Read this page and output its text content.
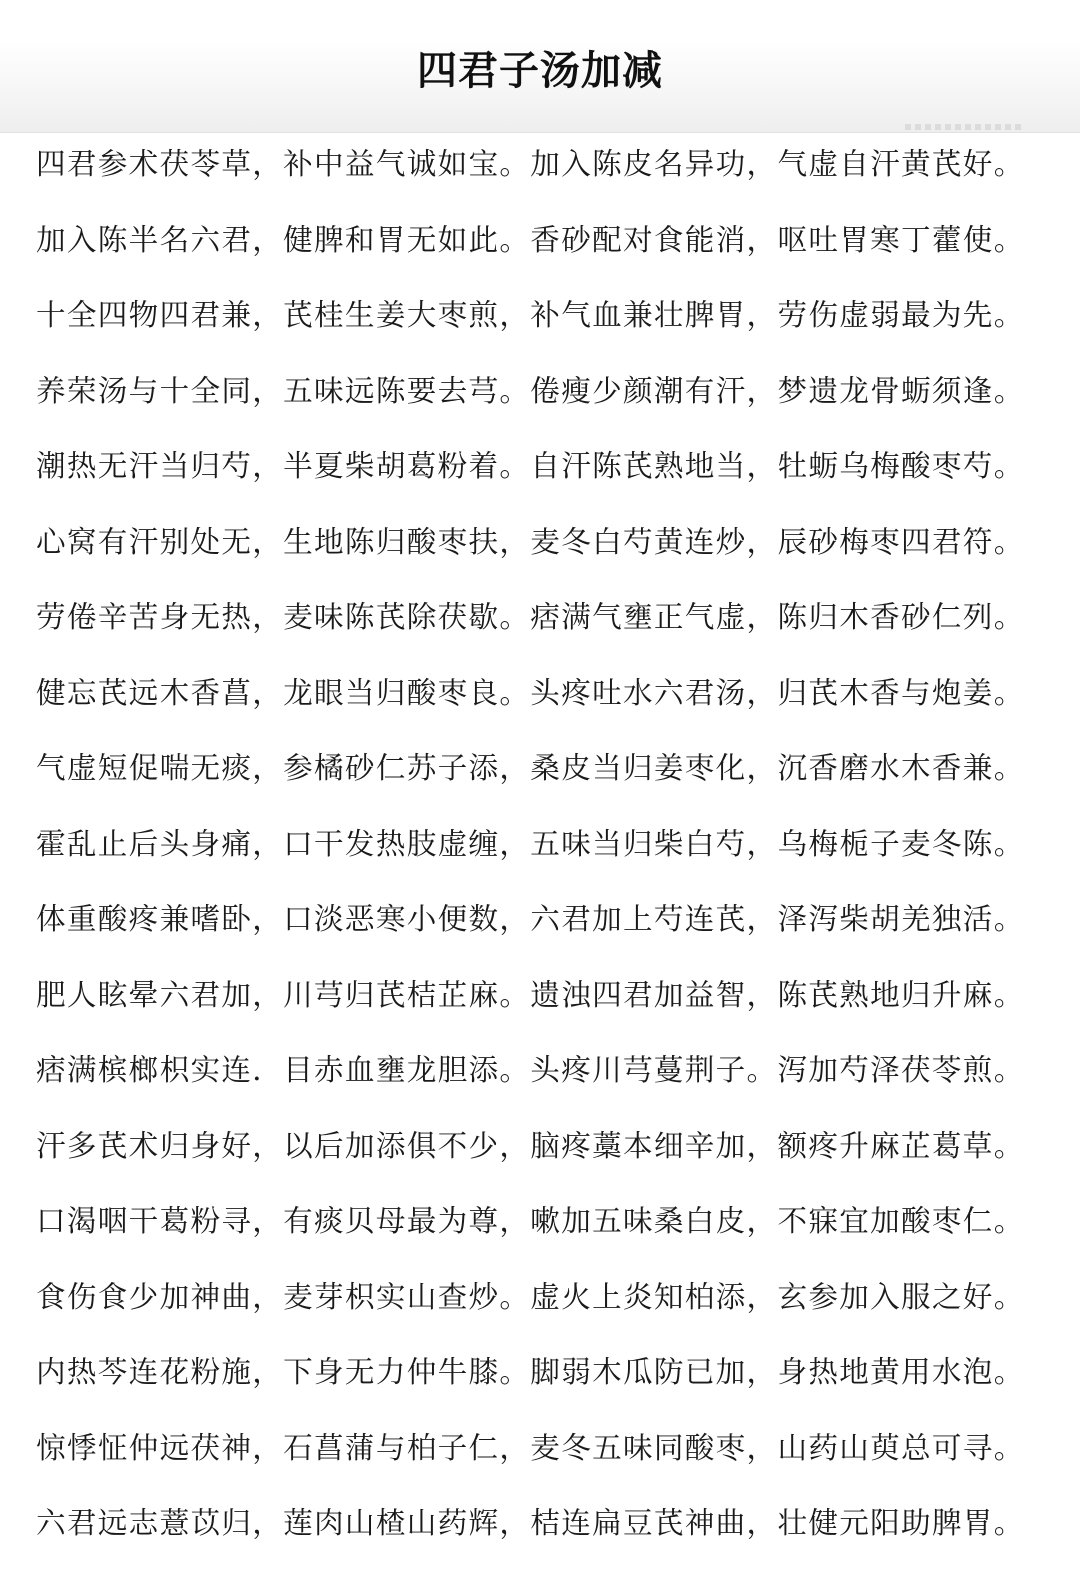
四君子汤加减
四君参术茯苓草，补中益气诚如宝。加入陈皮名异功，气虚自汗黄芪好。
加入陈半名六君，健脾和胃无如此。香砂配对食能消，呕吐胃寒丁藿使。
十全四物四君兼，芪桂生姜大枣煎，补气血兼壮脾胃，劳伤虚弱最为先。
养荣汤与十全同，五味远陈要去芎。倦瘦少颜潮有汗，梦遗龙骨蛎须逢。
潮热无汗当归芍，半夏柴胡葛粉着。自汗陈芪熟地当，牡蛎乌梅酸枣芍。
心窝有汗别处无，生地陈归酸枣扶，麦冬白芍黄连炒，辰砂梅枣四君符。
劳倦辛苦身无热，麦味陈芪除茯歇。痞满气壅正气虚，陈归木香砂仁列。
健忘芪远木香菖，龙眼当归酸枣良。头疼吐水六君汤，归芪木香与炮姜。
气虚短促喘无痰，参橘砂仁苏子添，桑皮当归姜枣化，沉香磨水木香兼。
霍乱止后头身痛，口干发热肢虚缠，五味当归柴白芍，乌梅栀子麦冬陈。
体重酸疼兼嗜卧，口淡恶寒小便数，六君加上芍连芪，泽泻柴胡羌独活。
肥人眩晕六君加，川芎归芪桔芷麻。遗浊四君加益智，陈芪熟地归升麻。
痞满槟榔枳实连．目赤血壅龙胆添。头疼川芎蔓荆子。泻加芍泽茯苓煎。
汗多芪术归身好，以后加添俱不少，脑疼藁本细辛加，额疼升麻芷葛草。
口渴咽干葛粉寻，有痰贝母最为尊，嗽加五味桑白皮，不寐宜加酸枣仁。
食伤食少加神曲，麦芽枳实山查炒。虚火上炎知柏添，玄参加入服之好。
内热芩连花粉施，下身无力仲牛膝。脚弱木瓜防已加，身热地黄用水泡。
惊悸怔仲远茯神，石菖蒲与柏子仁，麦冬五味同酸枣，山药山萸总可寻。
六君远志薏苡归，莲肉山楂山药辉，桔连扁豆芪神曲，壮健元阳助脾胃。
